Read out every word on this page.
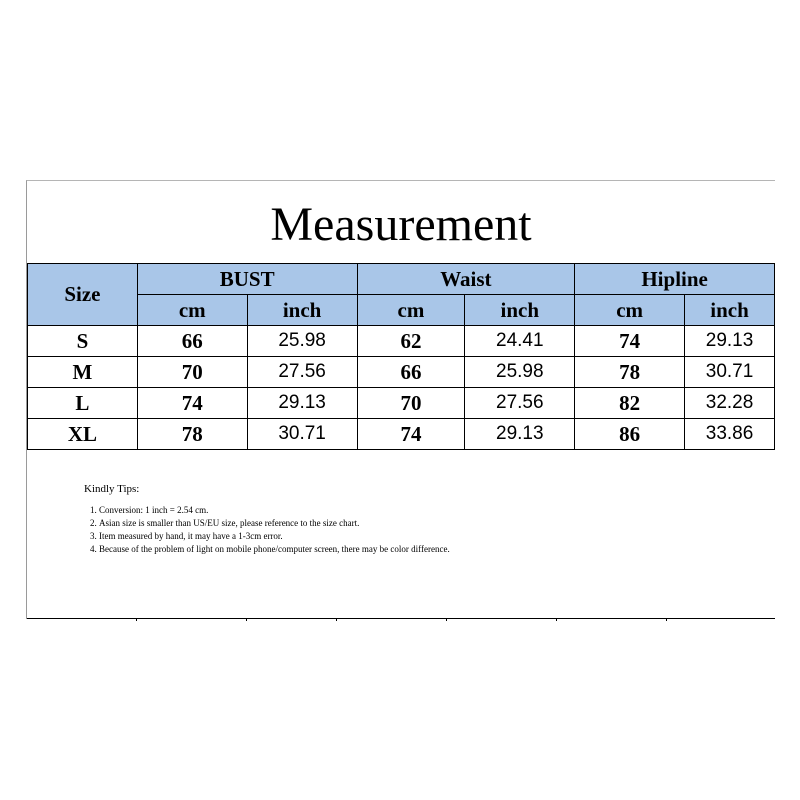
Measurement
Size	BUST		Waist		Hipline	
	cm	inch	cm	inch	cm	inch
S	66	25.98	62	24.41	74	29.13
M	70	27.56	66	25.98	78	30.71
L	74	29.13	70	27.56	82	32.28
XL	78	30.71	74	29.13	86	33.86
Kindly Tips:
1. Conversion: 1 inch = 2.54 cm.
2. Asian size is smaller than US/EU size, please reference to the size chart.
3. Item measured by hand, it may have a 1-3cm error.
4. Because of the problem of light on mobile phone/computer screen, there may be color difference.
